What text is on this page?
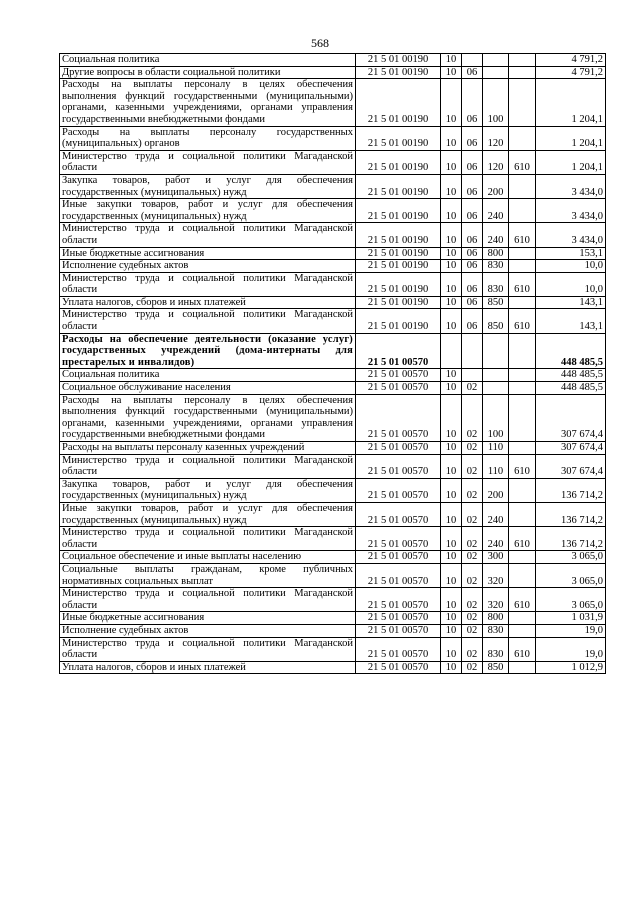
568
Социальная политика	21 5 01 00190	10				4 791,2
Другие вопросы в области социальной политики	21 5 01 00190	10	06			4 791,2
Расходы на выплаты персоналу в целях обеспечения выполнения функций государственными (муниципальными) органами, казенными учреждениями, органами управления государственными внебюджетными фондами	21 5 01 00190	10	06	100		1 204,1
Расходы на выплаты персоналу государственных (муниципальных) органов	21 5 01 00190	10	06	120		1 204,1
Министерство труда и социальной политики Магаданской области	21 5 01 00190	10	06	120	610	1 204,1
Закупка товаров, работ и услуг для обеспечения государственных (муниципальных) нужд	21 5 01 00190	10	06	200		3 434,0
Иные закупки товаров, работ и услуг для обеспечения государственных (муниципальных) нужд	21 5 01 00190	10	06	240		3 434,0
Министерство труда и социальной политики Магаданской области	21 5 01 00190	10	06	240	610	3 434,0
Иные бюджетные ассигнования	21 5 01 00190	10	06	800		153,1
Исполнение судебных актов	21 5 01 00190	10	06	830		10,0
Министерство труда и социальной политики Магаданской области	21 5 01 00190	10	06	830	610	10,0
Уплата налогов, сборов и иных платежей	21 5 01 00190	10	06	850		143,1
Министерство труда и социальной политики Магаданской области	21 5 01 00190	10	06	850	610	143,1
Расходы на обеспечение деятельности (оказание услуг) государственных учреждений (дома-интернаты для престарелых и инвалидов)	21 5 01 00570					448 485,5
Социальная политика	21 5 01 00570	10				448 485,5
Социальное обслуживание населения	21 5 01 00570	10	02			448 485,5
Расходы на выплаты персоналу в целях обеспечения выполнения функций государственными (муниципальными) органами, казенными учреждениями, органами управления государственными внебюджетными фондами	21 5 01 00570	10	02	100		307 674,4
Расходы на выплаты персоналу казенных учреждений	21 5 01 00570	10	02	110		307 674,4
Министерство труда и социальной политики Магаданской области	21 5 01 00570	10	02	110	610	307 674,4
Закупка товаров, работ и услуг для обеспечения государственных (муниципальных) нужд	21 5 01 00570	10	02	200		136 714,2
Иные закупки товаров, работ и услуг для обеспечения государственных (муниципальных) нужд	21 5 01 00570	10	02	240		136 714,2
Министерство труда и социальной политики Магаданской области	21 5 01 00570	10	02	240	610	136 714,2
Социальное обеспечение и иные выплаты населению	21 5 01 00570	10	02	300		3 065,0
Социальные выплаты гражданам, кроме публичных нормативных социальных выплат	21 5 01 00570	10	02	320		3 065,0
Министерство труда и социальной политики Магаданской области	21 5 01 00570	10	02	320	610	3 065,0
Иные бюджетные ассигнования	21 5 01 00570	10	02	800		1 031,9
Исполнение судебных актов	21 5 01 00570	10	02	830		19,0
Министерство труда и социальной политики Магаданской области	21 5 01 00570	10	02	830	610	19,0
Уплата налогов, сборов и иных платежей	21 5 01 00570	10	02	850		1 012,9
